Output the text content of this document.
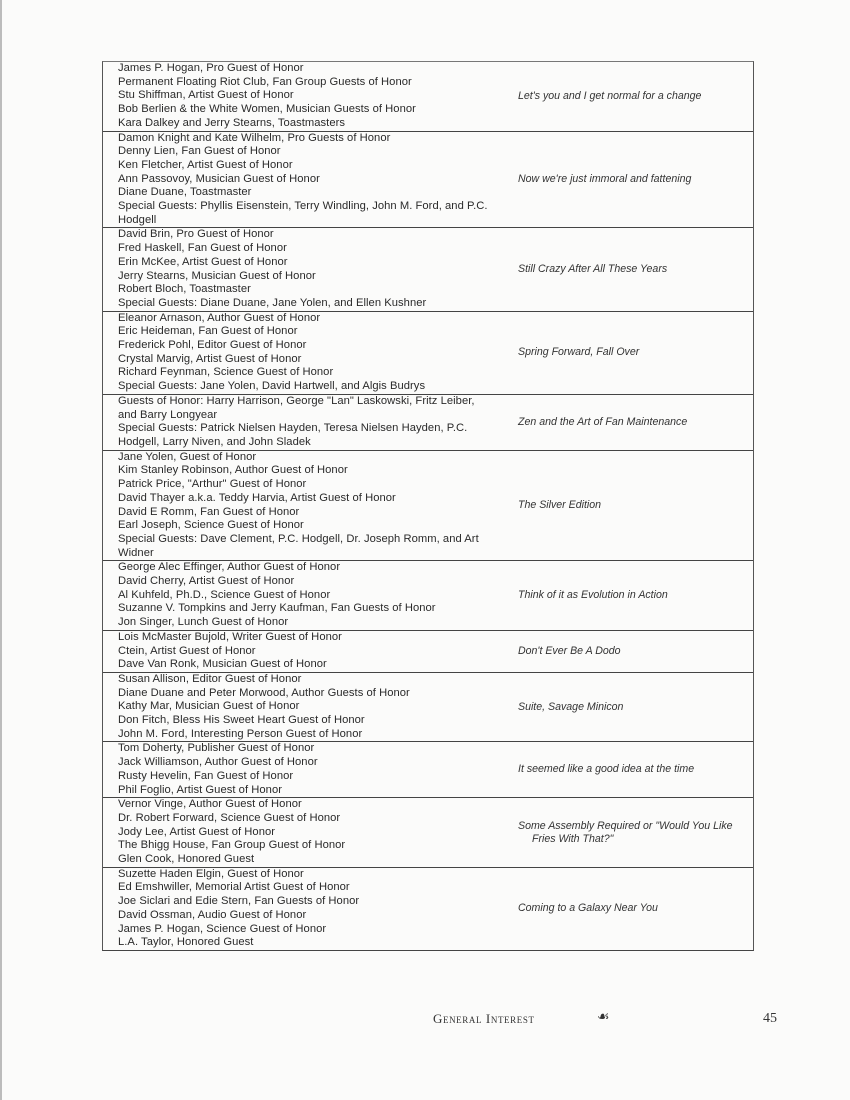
James P. Hogan, Pro Guest of Honor
Permanent Floating Riot Club, Fan Group Guests of Honor
Stu Shiffman, Artist Guest of Honor
Bob Berlien & the White Women, Musician Guests of Honor
Kara Dalkey and Jerry Stearns, Toastmasters
Let's you and I get normal for a change
Damon Knight and Kate Wilhelm, Pro Guests of Honor
Denny Lien, Fan Guest of Honor
Ken Fletcher, Artist Guest of Honor
Ann Passovoy, Musician Guest of Honor
Diane Duane, Toastmaster
Special Guests: Phyllis Eisenstein, Terry Windling, John M. Ford, and P.C.
Hodgell
Now we're just immoral and fattening
David Brin, Pro Guest of Honor
Fred Haskell, Fan Guest of Honor
Erin McKee, Artist Guest of Honor
Jerry Stearns, Musician Guest of Honor
Robert Bloch, Toastmaster
Special Guests: Diane Duane, Jane Yolen, and Ellen Kushner
Still Crazy After All These Years
Eleanor Arnason, Author Guest of Honor
Eric Heideman, Fan Guest of Honor
Frederick Pohl, Editor Guest of Honor
Crystal Marvig, Artist Guest of Honor
Richard Feynman, Science Guest of Honor
Special Guests: Jane Yolen, David Hartwell, and Algis Budrys
Spring Forward, Fall Over
Guests of Honor: Harry Harrison, George "Lan" Laskowski, Fritz Leiber,
and Barry Longyear
Special Guests: Patrick Nielsen Hayden, Teresa Nielsen Hayden, P.C.
Hodgell, Larry Niven, and John Sladek
Zen and the Art of Fan Maintenance
Jane Yolen, Guest of Honor
Kim Stanley Robinson, Author Guest of Honor
Patrick Price, "Arthur" Guest of Honor
David Thayer a.k.a. Teddy Harvia, Artist Guest of Honor
David E Romm, Fan Guest of Honor
Earl Joseph, Science Guest of Honor
Special Guests: Dave Clement, P.C. Hodgell, Dr. Joseph Romm, and Art
Widner
The Silver Edition
George Alec Effinger, Author Guest of Honor
David Cherry, Artist Guest of Honor
Al Kuhfeld, Ph.D., Science Guest of Honor
Suzanne V. Tompkins and Jerry Kaufman, Fan Guests of Honor
Jon Singer, Lunch Guest of Honor
Think of it as Evolution in Action
Lois McMaster Bujold, Writer Guest of Honor
Ctein, Artist Guest of Honor
Dave Van Ronk, Musician Guest of Honor
Don't Ever Be A Dodo
Susan Allison, Editor Guest of Honor
Diane Duane and Peter Morwood, Author Guests of Honor
Kathy Mar, Musician Guest of Honor
Don Fitch, Bless His Sweet Heart Guest of Honor
John M. Ford, Interesting Person Guest of Honor
Suite, Savage Minicon
Tom Doherty, Publisher Guest of Honor
Jack Williamson, Author Guest of Honor
Rusty Hevelin, Fan Guest of Honor
Phil Foglio, Artist Guest of Honor
It seemed like a good idea at the time
Vernor Vinge, Author Guest of Honor
Dr. Robert Forward, Science Guest of Honor
Jody Lee, Artist Guest of Honor
The Bhigg House, Fan Group Guest of Honor
Glen Cook, Honored Guest
Some Assembly Required or "Would You Like
Fries With That?"
Suzette Haden Elgin, Guest of Honor
Ed Emshwiller, Memorial Artist Guest of Honor
Joe Siclari and Edie Stern, Fan Guests of Honor
David Ossman, Audio Guest of Honor
James P. Hogan, Science Guest of Honor
L.A. Taylor, Honored Guest
Coming to a Galaxy Near You
General Interest	☙	45
